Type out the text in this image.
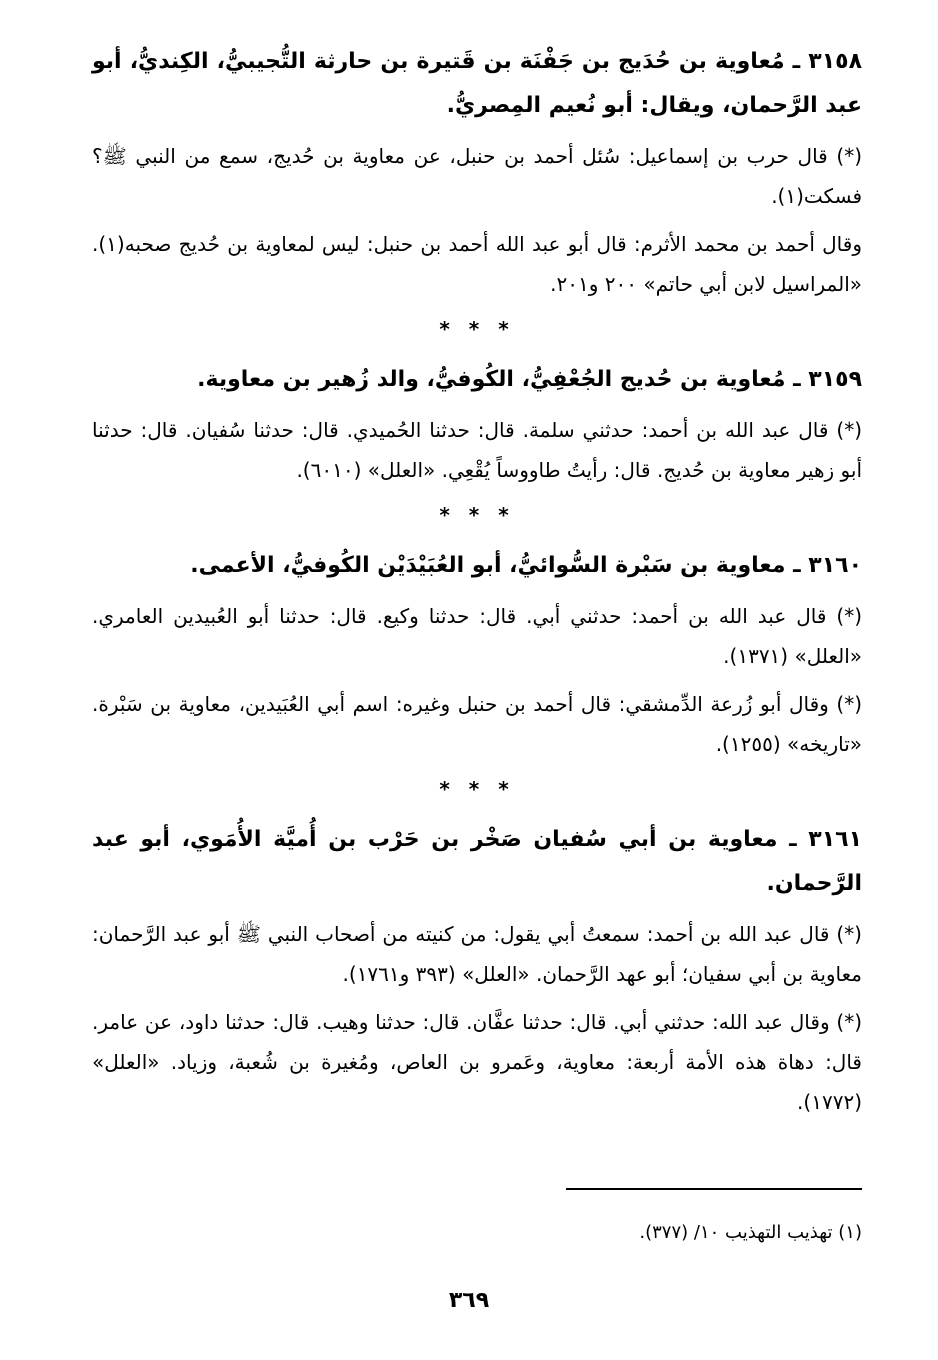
٣١٥٨ ـ مُعاوية بن حُدَيج بن جَفْنَة بن قَتيرة بن حارثة التُّجيبيُّ، الكِنديُّ، أبو عبد الرَّحمان، ويقال: أبو نُعيم المِصريُّ.
(*) قال حرب بن إسماعيل: سُئل أحمد بن حنبل، عن معاوية بن حُديج، سمع من النبي ﷺ؟ فسكت(١).
وقال أحمد بن محمد الأثرم: قال أبو عبد الله أحمد بن حنبل: ليس لمعاوية بن حُديج صحبه(١). «المراسيل لابن أبي حاتم» ٢٠٠ و٢٠١.
* * *
٣١٥٩ ـ مُعاوية بن حُديج الجُعْفِيُّ، الكُوفيُّ، والد زُهير بن معاوية.
(*) قال عبد الله بن أحمد: حدثني سلمة. قال: حدثنا الحُميدي. قال: حدثنا سُفيان. قال: حدثنا أبو زهير معاوية بن حُديج. قال: رأيتُ طاووساً يُقْعِي. «العلل» (٦٠١٠).
* * *
٣١٦٠ ـ معاوية بن سَبْرة السُّوائيُّ، أبو العُبَيْدَيْن الكُوفيُّ، الأعمى.
(*) قال عبد الله بن أحمد: حدثني أبي. قال: حدثنا وكيع. قال: حدثنا أبو العُبيدين العامري. «العلل» (١٣٧١).
(*) وقال أبو زُرعة الدِّمشقي: قال أحمد بن حنبل وغيره: اسم أبي العُبَيدين، معاوية بن سَبْرة. «تاريخه» (١٢٥٥).
* * *
٣١٦١ ـ معاوية بن أبي سُفيان صَخْر بن حَرْب بن أُميَّة الأُمَوي، أبو عبد الرَّحمان.
(*) قال عبد الله بن أحمد: سمعتُ أبي يقول: من كنيته من أصحاب النبي ﷺ أبو عبد الرَّحمان: معاوية بن أبي سفيان؛ أبو عهد الرَّحمان. «العلل» (٣٩٣ و١٧٦١).
(*) وقال عبد الله: حدثني أبي. قال: حدثنا عفَّان. قال: حدثنا وهيب. قال: حدثنا داود، عن عامر. قال: دهاة هذه الأمة أربعة: معاوية، وعَمرو بن العاص، ومُغيرة بن شُعبة، وزياد. «العلل» (١٧٧٢).
(١) تهذيب التهذيب ١٠/ (٣٧٧).
٣٦٩
